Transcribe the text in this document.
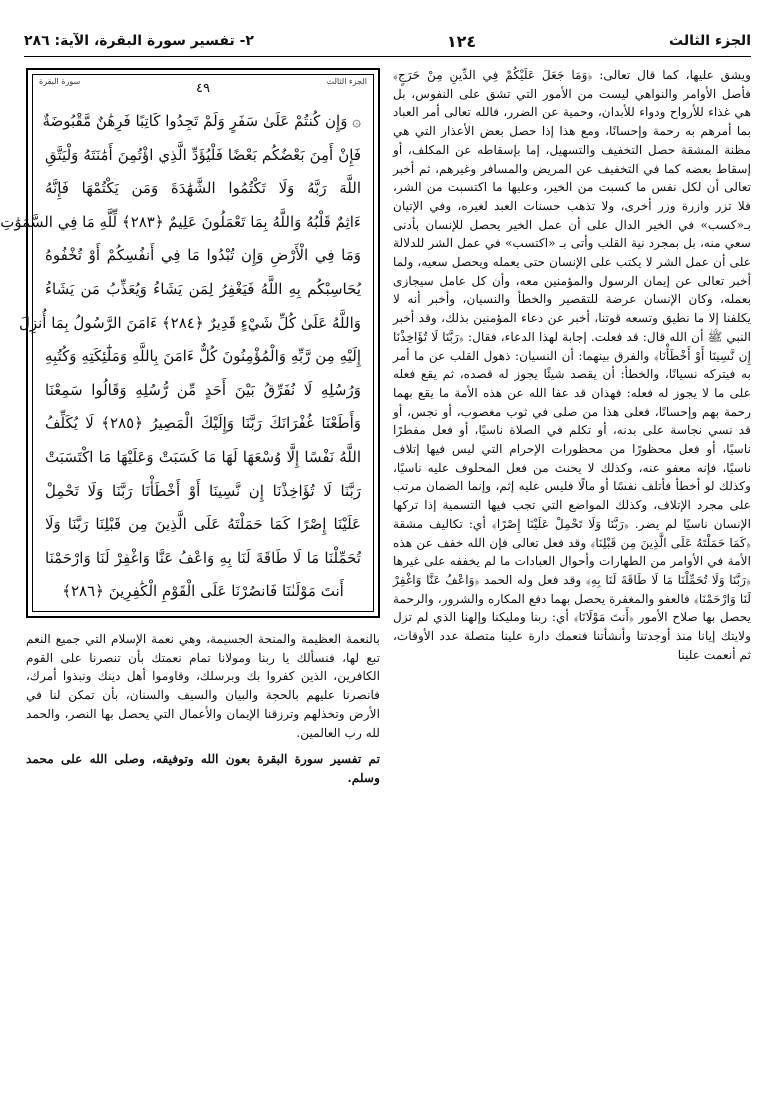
الجزء الثالث
١٢٤
٢- تفسير سورة البقرة، الآية: ٢٨٦

ويشق عليها، كما قال تعالى: ﴿وَمَا جَعَلَ عَلَيْكُمْ فِي الدِّينِ مِنْ حَرَجٍ﴾ فأصل الأوامر والنواهي ليست من الأمور التي تشق على النفوس، بل هي غذاء للأرواح ودواء للأبدان، وحمية عن الضرر، فالله تعالى أمر العباد بما أمرهم به رحمة وإحسانًا، ومع هذا إذا حصل بعض الأعذار التي هي مظنة المشقة حصل التخفيف والتسهيل، إما بإسقاطه عن المكلف، أو إسقاط بعضه كما في التخفيف عن المريض والمسافر وغيرهم، ثم أخبر تعالى أن لكل نفس ما كسبت من الخير، وعليها ما اكتسبت من الشر، فلا تزر وازرة وزر أخرى، ولا تذهب حسنات العبد لغيره، وفي الإتيان بـ«كسب» في الخير الدال على أن عمل الخير يحصل للإنسان بأدنى سعي منه، بل بمجرد نية القلب وأتى بـ «اكتسب» في عمل الشر للدلالة على أن عمل الشر لا يكتب على الإنسان حتى يعمله ويحصل سعيه، ولما أخبر تعالى عن إيمان الرسول والمؤمنين معه، وأن كل عامل سيجازى بعمله، وكان الإنسان عرضة للتقصير والخطأ والنسيان، وأخبر أنه لا يكلفنا إلا ما نطيق وتسعه قوتنا، أخبر عن دعاء المؤمنين بذلك، وقد أخبر النبي ﷺ أن الله قال: قد فعلت. إجابة لهذا الدعاء، فقال: ﴿رَبَّنَا لَا تُؤَاخِذْنَا إِن نَّسِينَا أَوْ أَخْطَأْنَا﴾ والفرق بينهما: أن النسيان: ذهول القلب عن ما أمر به فيتركه نسيانًا، والخطأ: أن يقصد شيئًا يجوز له قصده، ثم يقع فعله على ما لا يجوز له فعله: فهذان قد عفا الله عن هذه الأمة ما يقع بهما رحمة بهم وإحسانًا، فعلى هذا من صلى في ثوب مغصوب، أو نجس، أو قد نسي نجاسة على بدنه، أو تكلم في الصلاة ناسيًا، أو فعل مفطرًا ناسيًا، أو فعل محظورًا من محظورات الإحرام التي ليس فيها إتلاف ناسيًا، فإنه معفو عنه، وكذلك لا يحنث من فعل المحلوف عليه ناسيًا، وكذلك لو أخطأ فأتلف نفسًا أو مالًا فليس عليه إثم، وإنما الضمان مرتب على مجرد الإتلاف، وكذلك المواضع التي تجب فيها التسمية إذا تركها الإنسان ناسيًا لم يضر. ﴿رَبَّنَا وَلَا تَحْمِلْ عَلَيْنَا إِصْرًا﴾ أي: تكاليف مشقة ﴿كَمَا حَمَلْتَهُ عَلَى الَّذِينَ مِن قَبْلِنَا﴾ وقد فعل تعالى فإن الله خفف عن هذه الأمة في الأوامر من الطهارات وأحوال العبادات ما لم يخففه على غيرها ﴿رَبَّنَا وَلَا تُحَمِّلْنَا مَا لَا طَاقَةَ لَنَا بِهِ﴾ وقد فعل وله الحمد ﴿وَاعْفُ عَنَّا وَاغْفِرْ لَنَا وَارْحَمْنَا﴾ فالعفو والمغفرة يحصل بهما دفع المكاره والشرور، والرحمة يحصل بها صلاح الأمور ﴿أَنتَ مَوْلَانَا﴾ أي: ربنا ومليكنا وإلهنا الذي لم تزل ولايتك إيانا منذ أوجدتنا وأنشأتنا فنعمك دارة علينا متصلة عدد الأوقات، ثم أنعمت علينا

الجزء الثالث
سورة البقرة	٤٩
۞ وَإِن كُنتُمْ عَلَىٰ سَفَرٍ وَلَمْ تَجِدُوا كَاتِبًا فَرِهَٰنٌ مَّقْبُوضَةٌ
فَإِنْ أَمِنَ بَعْضُكُم بَعْضًا فَلْيُؤَدِّ الَّذِي اؤْتُمِنَ أَمَٰنَتَهُ وَلْيَتَّقِ
اللَّهَ رَبَّهُ وَلَا تَكْتُمُوا الشَّهَٰدَةَ وَمَن يَكْتُمْهَا فَإِنَّهُ
ءَاثِمٌ قَلْبُهُ وَاللَّهُ بِمَا تَعْمَلُونَ عَلِيمٌ ﴿٢٨٣﴾ لِّلَّهِ مَا فِي السَّمَٰوَٰتِ
وَمَا فِي الْأَرْضِ وَإِن تُبْدُوا مَا فِي أَنفُسِكُمْ أَوْ تُخْفُوهُ
يُحَاسِبْكُم بِهِ اللَّهُ فَيَغْفِرُ لِمَن يَشَاءُ وَيُعَذِّبُ مَن يَشَاءُ
وَاللَّهُ عَلَىٰ كُلِّ شَيْءٍ قَدِيرٌ ﴿٢٨٤﴾ ءَامَنَ الرَّسُولُ بِمَا أُنزِلَ
إِلَيْهِ مِن رَّبِّهِ وَالْمُؤْمِنُونَ كُلٌّ ءَامَنَ بِاللَّهِ وَمَلَٰٓئِكَتِهِ وَكُتُبِهِ
وَرُسُلِهِ لَا نُفَرِّقُ بَيْنَ أَحَدٍ مِّن رُّسُلِهِ وَقَالُوا سَمِعْنَا
وَأَطَعْنَا غُفْرَانَكَ رَبَّنَا وَإِلَيْكَ الْمَصِيرُ ﴿٢٨٥﴾ لَا يُكَلِّفُ
اللَّهُ نَفْسًا إِلَّا وُسْعَهَا لَهَا مَا كَسَبَتْ وَعَلَيْهَا مَا اكْتَسَبَتْ
رَبَّنَا لَا تُؤَاخِذْنَا إِن نَّسِينَا أَوْ أَخْطَأْنَا رَبَّنَا وَلَا تَحْمِلْ
عَلَيْنَا إِصْرًا كَمَا حَمَلْتَهُ عَلَى الَّذِينَ مِن قَبْلِنَا رَبَّنَا وَلَا
تُحَمِّلْنَا مَا لَا طَاقَةَ لَنَا بِهِ وَاعْفُ عَنَّا وَاغْفِرْ لَنَا وَارْحَمْنَا
أَنتَ مَوْلَىٰنَا فَانصُرْنَا عَلَى الْقَوْمِ الْكَٰفِرِينَ ﴿٢٨٦﴾

بالنعمة العظيمة والمنحة الجسيمة، وهي نعمة الإسلام التي جميع النعم تبع لها، فنسألك يا ربنا ومولانا تمام نعمتك بأن تنصرنا على القوم الكافرين، الذين كفروا بك وبرسلك، وقاوموا أهل دينك ونبذوا أمرك، فانصرنا عليهم بالحجة والبيان والسيف والسنان، بأن تمكن لنا في الأرض وتخذلهم وترزقنا الإيمان والأعمال التي يحصل بها النصر، والحمد لله رب العالمين.

تم تفسير سورة البقرة بعون الله وتوفيقه، وصلى الله على محمد وسلم.
